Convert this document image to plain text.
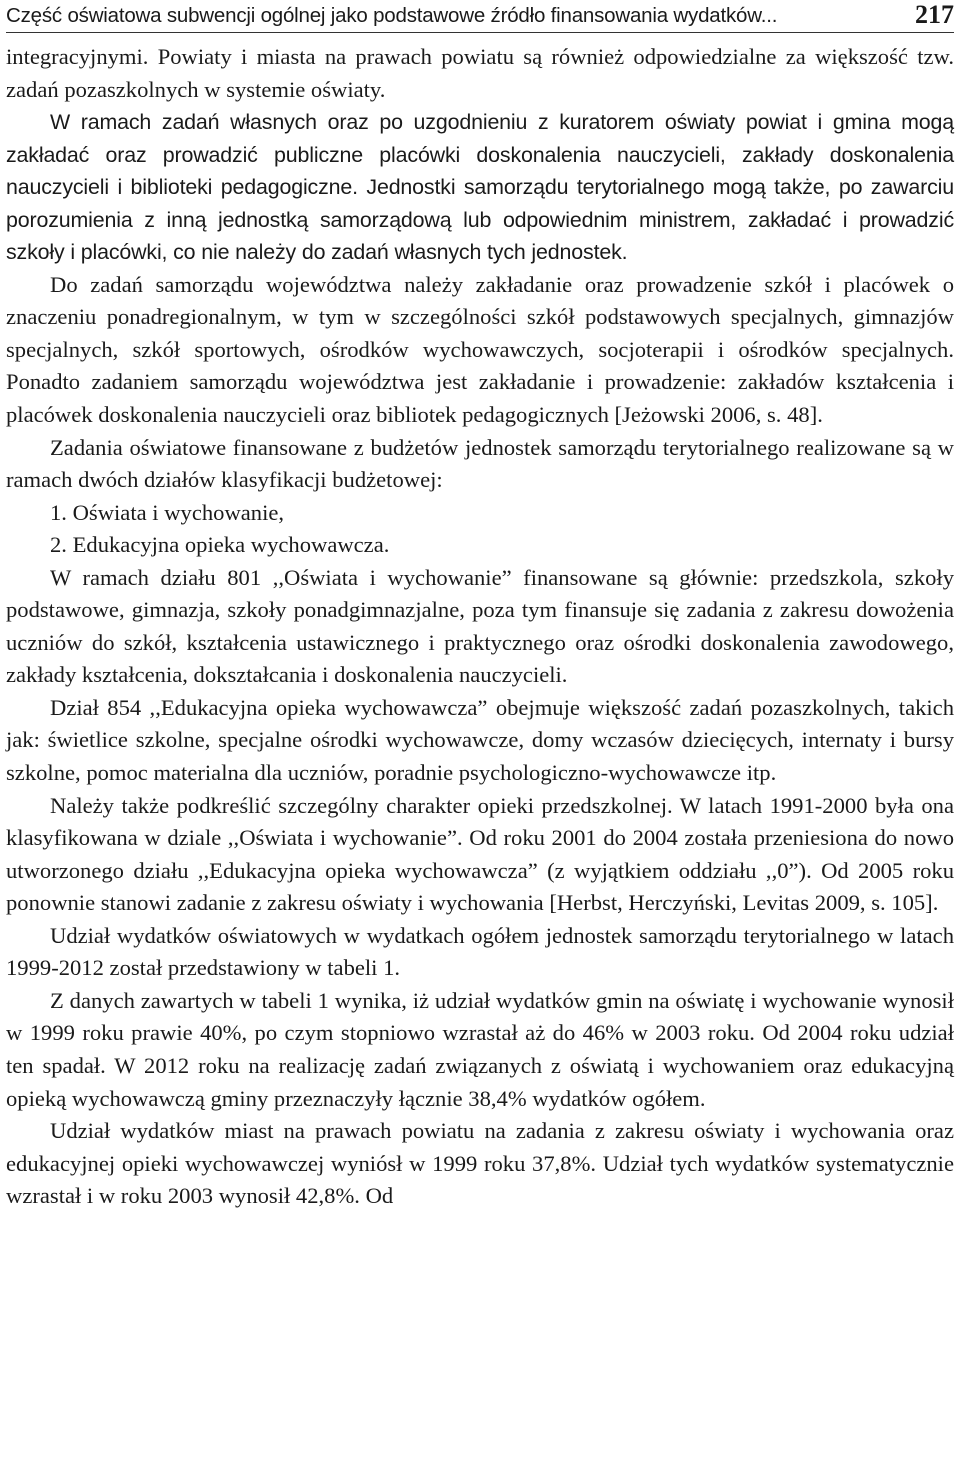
Część oświatowa subwencji ogólnej jako podstawowe źródło finansowania wydatków...	217

integracyjnymi. Powiaty i miasta na prawach powiatu są również odpowiedzialne za większość tzw. zadań pozaszkolnych w systemie oświaty.

W ramach zadań własnych oraz po uzgodnieniu z kuratorem oświaty powiat i gmina mogą zakładać oraz prowadzić publiczne placówki doskonalenia nauczycieli, zakłady doskonalenia nauczycieli i biblioteki pedagogiczne. Jednostki samorządu terytorialnego mogą także, po zawarciu porozumienia z inną jednostką samorządową lub odpowiednim ministrem, zakładać i prowadzić szkoły i placówki, co nie należy do zadań własnych tych jednostek.

Do zadań samorządu województwa należy zakładanie oraz prowadzenie szkół i placówek o znaczeniu ponadregionalnym, w tym w szczególności szkół podstawowych specjalnych, gimnazjów specjalnych, szkół sportowych, ośrodków wychowawczych, socjoterapii i ośrodków specjalnych. Ponadto zadaniem samorządu województwa jest zakładanie i prowadzenie: zakładów kształcenia i placówek doskonalenia nauczycieli oraz bibliotek pedagogicznych [Jeżowski 2006, s. 48].

Zadania oświatowe finansowane z budżetów jednostek samorządu terytorialnego realizowane są w ramach dwóch działów klasyfikacji budżetowej:

1. Oświata i wychowanie,

2. Edukacyjna opieka wychowawcza.

W ramach działu 801 ,,Oświata i wychowanie” finansowane są głównie: przedszkola, szkoły podstawowe, gimnazja, szkoły ponadgimnazjalne, poza tym finansuje się zadania z zakresu dowożenia uczniów do szkół, kształcenia ustawicznego i praktycznego oraz ośrodki doskonalenia zawodowego, zakłady kształcenia, dokształcania i doskonalenia nauczycieli.

Dział 854 ,,Edukacyjna opieka wychowawcza” obejmuje większość zadań pozaszkolnych, takich jak: świetlice szkolne, specjalne ośrodki wychowawcze, domy wczasów dziecięcych, internaty i bursy szkolne, pomoc materialna dla uczniów, poradnie psychologiczno-wychowawcze itp.

Należy także podkreślić szczególny charakter opieki przedszkolnej. W latach 1991-2000 była ona klasyfikowana w dziale ,,Oświata i wychowanie”. Od roku 2001 do 2004 została przeniesiona do nowo utworzonego działu ,,Edukacyjna opieka wychowawcza” (z wyjątkiem oddziału ,,0”). Od 2005 roku ponownie stanowi zadanie z zakresu oświaty i wychowania [Herbst, Herczyński, Levitas 2009, s. 105].

Udział wydatków oświatowych w wydatkach ogółem jednostek samorządu terytorialnego w latach 1999-2012 został przedstawiony w tabeli 1.

Z danych zawartych w tabeli 1 wynika, iż udział wydatków gmin na oświatę i wychowanie wynosił w 1999 roku prawie 40%, po czym stopniowo wzrastał aż do 46% w 2003 roku. Od 2004 roku udział ten spadał. W 2012 roku na realizację zadań związanych z oświatą i wychowaniem oraz edukacyjną opieką wychowawczą gminy przeznaczyły łącznie 38,4% wydatków ogółem.

Udział wydatków miast na prawach powiatu na zadania z zakresu oświaty i wychowania oraz edukacyjnej opieki wychowawczej wyniósł w 1999 roku 37,8%. Udział tych wydatków systematycznie wzrastał i w roku 2003 wynosił 42,8%. Od
